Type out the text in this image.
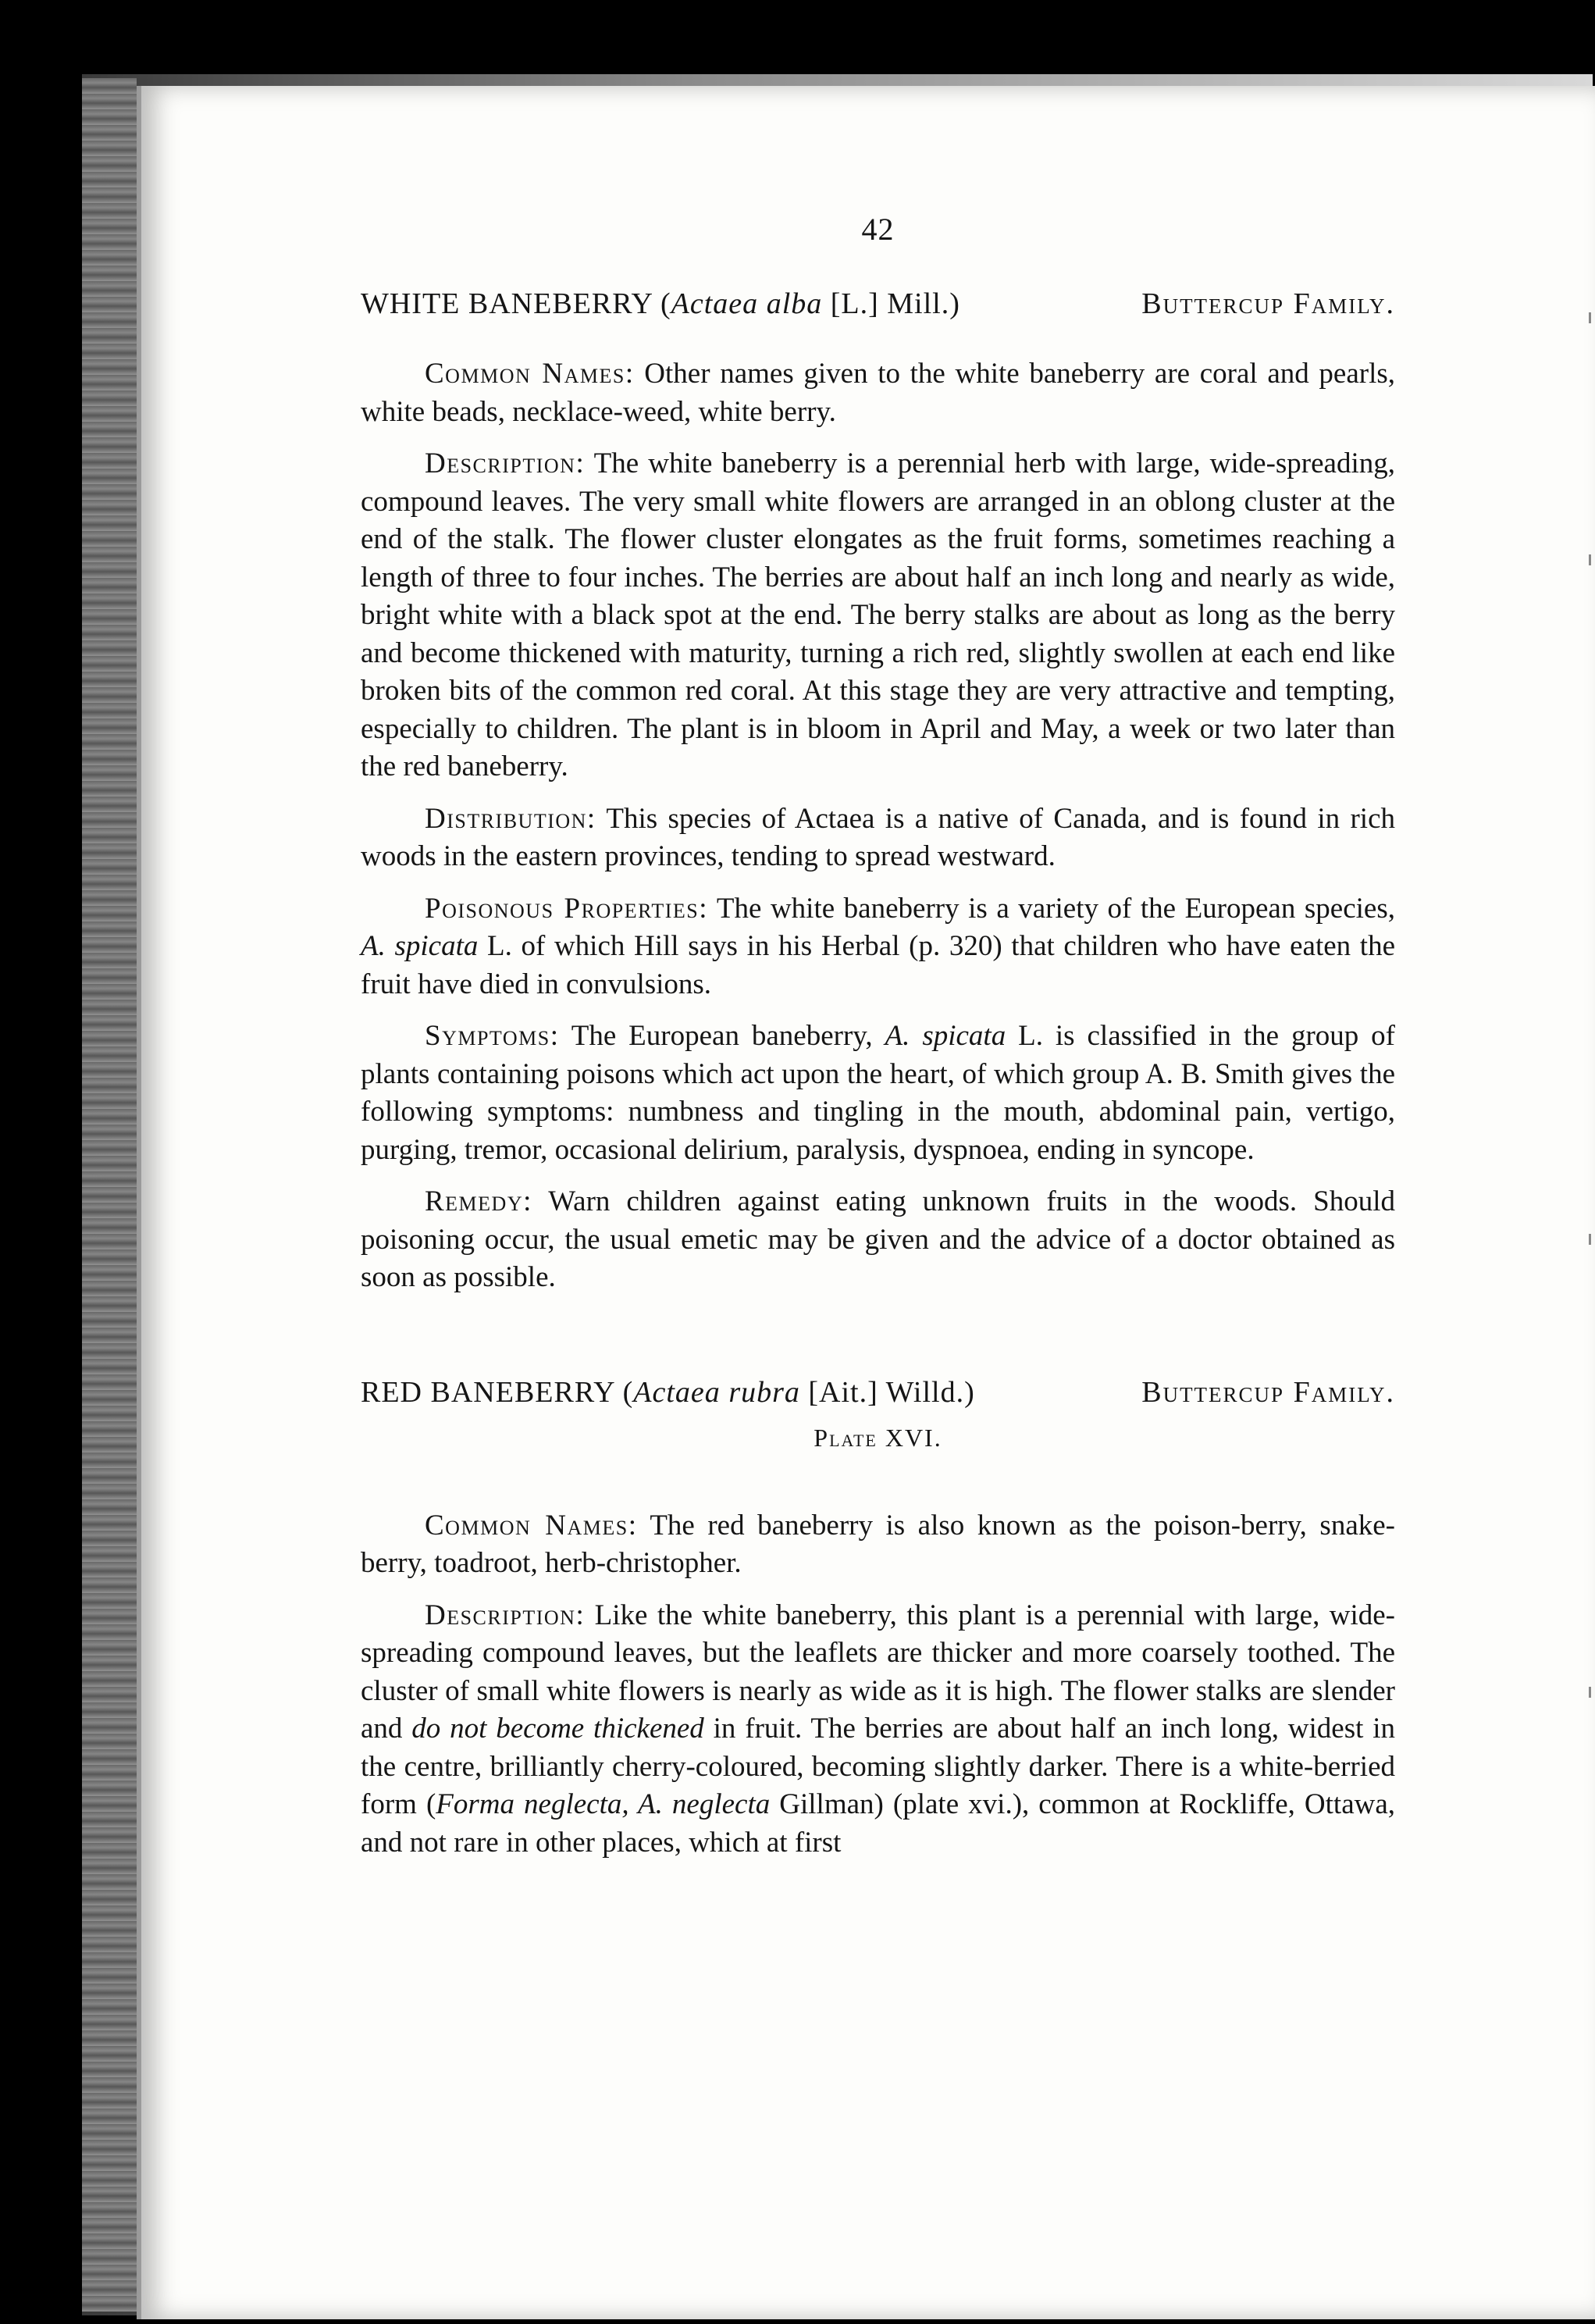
42
WHITE BANEBERRY (Actaea alba [L.] Mill.)	Buttercup Family.

Common Names: Other names given to the white baneberry are coral and pearls, white beads, necklace-weed, white berry.

Description: The white baneberry is a perennial herb with large, wide-spreading, compound leaves. The very small white flowers are arranged in an oblong cluster at the end of the stalk. The flower cluster elongates as the fruit forms, sometimes reaching a length of three to four inches. The berries are about half an inch long and nearly as wide, bright white with a black spot at the end. The berry stalks are about as long as the berry and become thickened with maturity, turning a rich red, slightly swollen at each end like broken bits of the common red coral. At this stage they are very attractive and tempting, especially to children. The plant is in bloom in April and May, a week or two later than the red baneberry.

Distribution: This species of Actaea is a native of Canada, and is found in rich woods in the eastern provinces, tending to spread westward.

Poisonous Properties: The white baneberry is a variety of the European species, A. spicata L. of which Hill says in his Herbal (p. 320) that children who have eaten the fruit have died in convulsions.

Symptoms: The European baneberry, A. spicata L. is classified in the group of plants containing poisons which act upon the heart, of which group A. B. Smith gives the following symptoms: numbness and tingling in the mouth, abdominal pain, vertigo, purging, tremor, occasional delirium, paralysis, dyspnoea, ending in syncope.

Remedy: Warn children against eating unknown fruits in the woods. Should poisoning occur, the usual emetic may be given and the advice of a doctor obtained as soon as possible.

RED BANEBERRY (Actaea rubra [Ait.] Willd.)	Buttercup Family.
Plate XVI.

Common Names: The red baneberry is also known as the poison-berry, snake-berry, toadroot, herb-christopher.

Description: Like the white baneberry, this plant is a perennial with large, wide-spreading compound leaves, but the leaflets are thicker and more coarsely toothed. The cluster of small white flowers is nearly as wide as it is high. The flower stalks are slender and do not become thickened in fruit. The berries are about half an inch long, widest in the centre, brilliantly cherry-coloured, becoming slightly darker. There is a white-berried form (Forma neglecta, A. neglecta Gillman) (plate xvi.), common at Rockliffe, Ottawa, and not rare in other places, which at first
